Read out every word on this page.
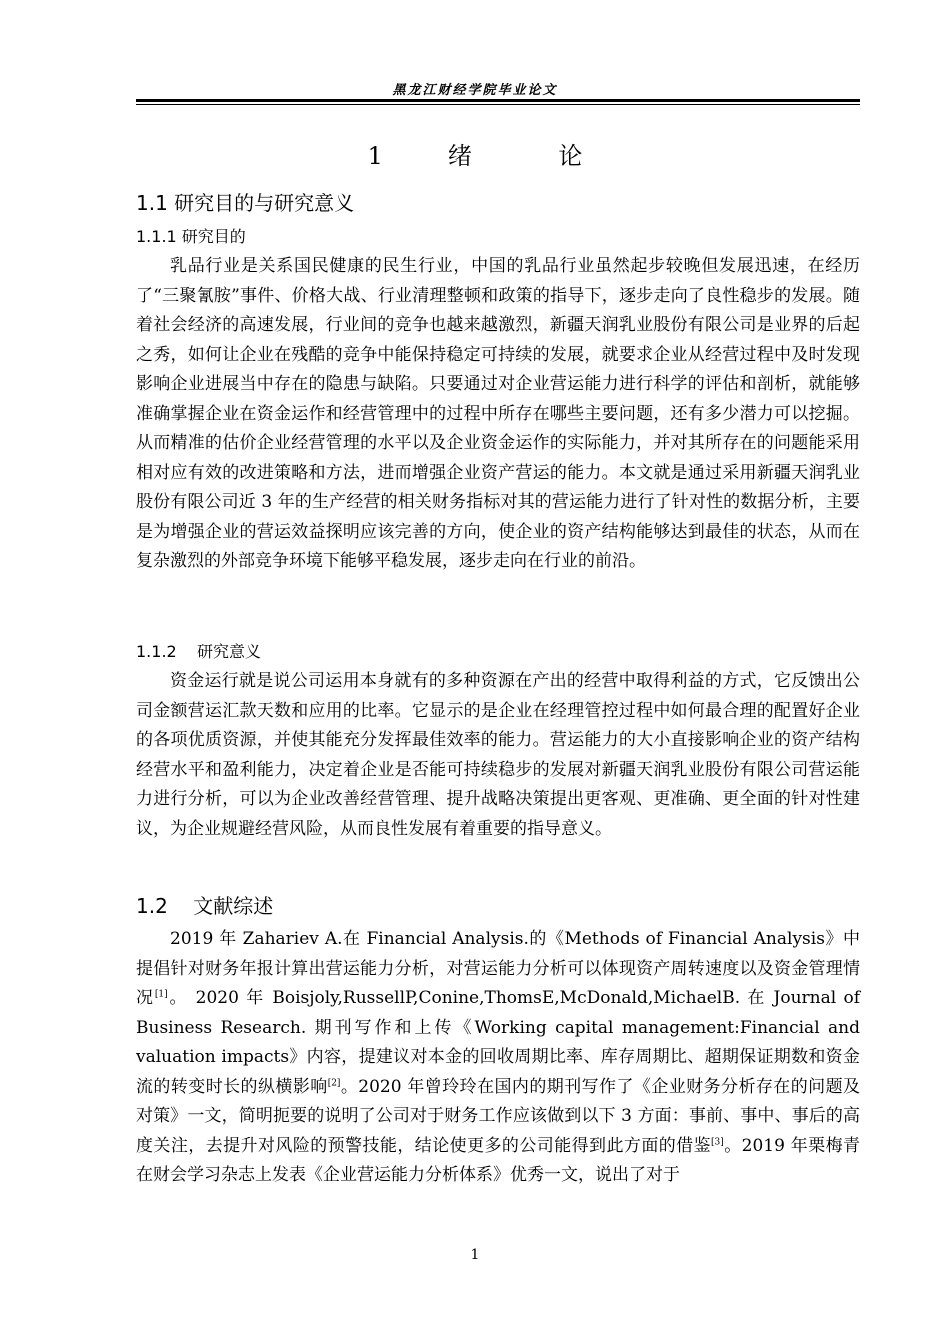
黑龙江财经学院毕业论文
1   绪    论
1.1 研究目的与研究意义
1.1.1 研究目的

乳品行业是关系国民健康的民生行业，中国的乳品行业虽然起步较晚但发展迅速，在经历了“三聚氰胺”事件、价格大战、行业清理整顿和政策的指导下，逐步走向了良性稳步的发展。随着社会经济的高速发展，行业间的竞争也越来越激烈，新疆天润乳业股份有限公司是业界的后起之秀，如何让企业在残酷的竞争中能保持稳定可持续的发展，就要求企业从经营过程中及时发现影响企业进展当中存在的隐患与缺陷。只要通过对企业营运能力进行科学的评估和剖析，就能够准确掌握企业在资金运作和经营管理中的过程中所存在哪些主要问题，还有多少潜力可以挖掘。从而精准的估价企业经营管理的水平以及企业资金运作的实际能力，并对其所存在的问题能采用相对应有效的改进策略和方法，进而增强企业资产营运的能力。本文就是通过采用新疆天润乳业股份有限公司近 3 年的生产经营的相关财务指标对其的营运能力进行了针对性的数据分析，主要是为增强企业的营运效益探明应该完善的方向，使企业的资产结构能够达到最佳的状态，从而在复杂激烈的外部竞争环境下能够平稳发展，逐步走向在行业的前沿。

1.1.2    研究意义

资金运行就是说公司运用本身就有的多种资源在产出的经营中取得利益的方式，它反馈出公司金额营运汇款天数和应用的比率。它显示的是企业在经理管控过程中如何最合理的配置好企业的各项优质资源，并使其能充分发挥最佳效率的能力。营运能力的大小直接影响企业的资产结构经营水平和盈利能力，决定着企业是否能可持续稳步的发展对新疆天润乳业股份有限公司营运能力进行分析，可以为企业改善经营管理、提升战略决策提出更客观、更准确、更全面的针对性建议，为企业规避经营风险，从而良性发展有着重要的指导意义。

1.2    文献综述

2019 年 Zahariev A.在 Financial Analysis.的《Methods of Financial Analysis》中提倡针对财务年报计算出营运能力分析，对营运能力分析可以体现资产周转速度以及资金管理情况[1]。 2020 年 Boisjoly,RussellP,Conine,ThomsE,McDonald,MichaelB. 在 Journal of Business Research. 期刊写作和上传《Working capital management:Financial and valuation impacts》内容，提建议对本金的回收周期比率、库存周期比、超期保证期数和资金流的转变时长的纵横影响[2]。2020 年曾玲玲在国内的期刊写作了《企业财务分析存在的问题及对策》一文，简明扼要的说明了公司对于财务工作应该做到以下 3 方面：事前、事中、事后的高度关注，去提升对风险的预警技能，结论使更多的公司能得到此方面的借鉴[3]。2019 年栗梅青在财会学习杂志上发表《企业营运能力分析体系》优秀一文，说出了对于

1
